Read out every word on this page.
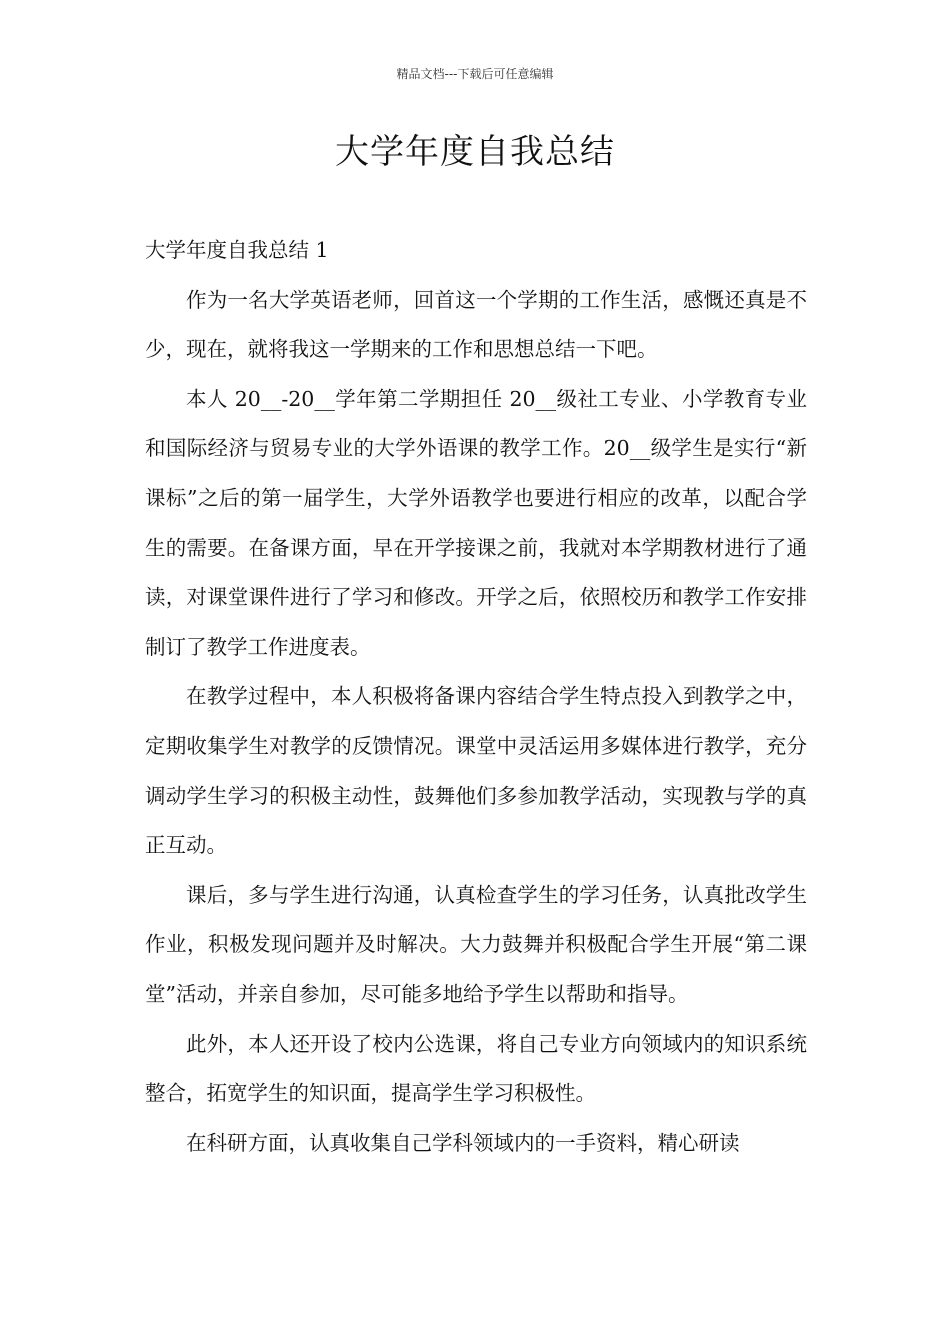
精品文档---下载后可任意编辑
大学年度自我总结

大学年度自我总结 1

作为一名大学英语老师，回首这一个学期的工作生活，感慨还真是不少，现在，就将我这一学期来的工作和思想总结一下吧。

本人 20__-20__学年第二学期担任 20__级社工专业、小学教育专业和国际经济与贸易专业的大学外语课的教学工作。20__级学生是实行“新课标”之后的第一届学生，大学外语教学也要进行相应的改革，以配合学生的需要。在备课方面，早在开学接课之前，我就对本学期教材进行了通读，对课堂课件进行了学习和修改。开学之后，依照校历和教学工作安排制订了教学工作进度表。

在教学过程中，本人积极将备课内容结合学生特点投入到教学之中，定期收集学生对教学的反馈情况。课堂中灵活运用多媒体进行教学，充分调动学生学习的积极主动性，鼓舞他们多参加教学活动，实现教与学的真正互动。

课后，多与学生进行沟通，认真检查学生的学习任务，认真批改学生作业，积极发现问题并及时解决。大力鼓舞并积极配合学生开展“第二课堂”活动，并亲自参加，尽可能多地给予学生以帮助和指导。

此外，本人还开设了校内公选课，将自己专业方向领域内的知识系统整合，拓宽学生的知识面，提高学生学习积极性。

在科研方面，认真收集自己学科领域内的一手资料，精心研读
